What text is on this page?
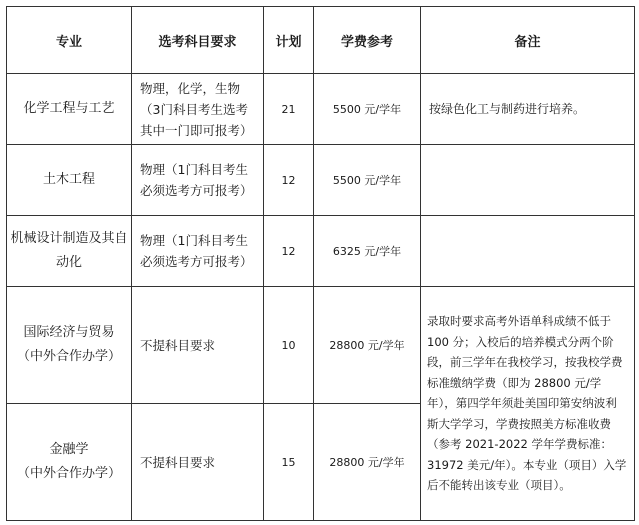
专业	选考科目要求	计划	学费参考	备注
化学工程与工艺	物理，化学，生物（3门科目考生选考其中一门即可报考）	21	5500 元/学年	按绿色化工与制药进行培养。
土木工程	物理（1门科目考生必须选考方可报考）	12	5500 元/学年	
机械设计制造及其自动化	物理（1门科目考生必须选考方可报考）	12	6325 元/学年	

国际经济与贸易
（中外合作办学）	不提科目要求	10	28800 元/学年	录取时要求高考外语单科成绩不低于 100 分；入校后的培养模式分两个阶段，前三学年在我校学习，按我校学费标准缴纳学费（即为 28800 元/学年），第四学年须赴美国印第安纳波利斯大学学习，学费按照美方标准收费（参考 2021-2022 学年学费标准：31972 美元/年）。本专业（项目）入学后不能转出该专业（项目）。

金融学
（中外合作办学）	不提科目要求	15	28800 元/学年	
